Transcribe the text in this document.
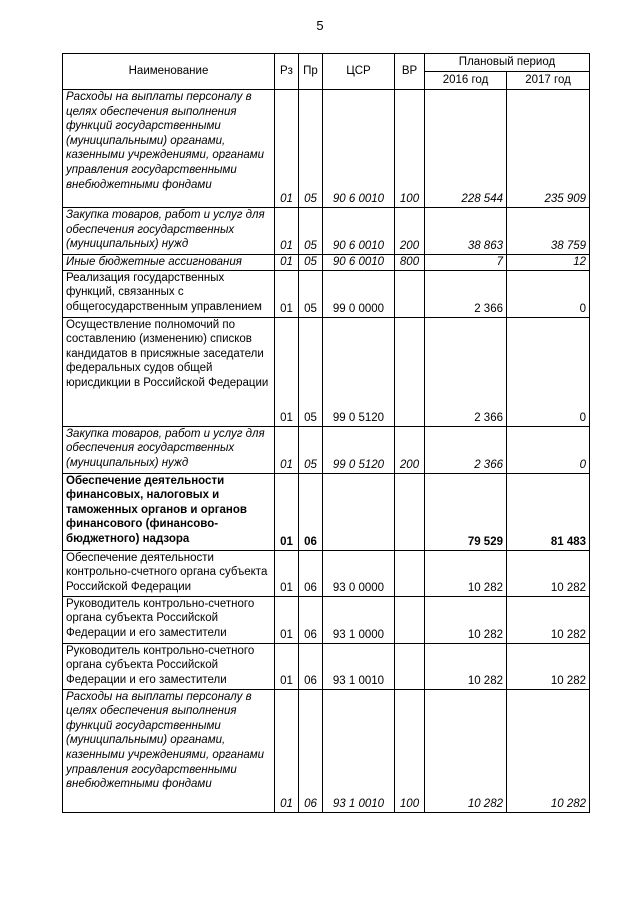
5
Наименование	Рз	Пр	ЦСР	ВР	Плановый период	
					2016 год	2017 год
Расходы на выплаты персоналу в целях обеспечения выполнения функций государственными (муниципальными) органами, казенными учреждениями, органами управления государственными внебюджетными фондами	01	05	90 6 0010	100	228 544	235 909
Закупка товаров, работ и услуг для обеспечения государственных (муниципальных) нужд	01	05	90 6 0010	200	38 863	38 759
Иные бюджетные ассигнования	01	05	90 6 0010	800	7	12
Реализация государственных функций, связанных с общегосударственным управлением	01	05	99 0 0000		2 366	0
Осуществление полномочий по составлению (изменению) списков кандидатов в присяжные заседатели федеральных судов общей юрисдикции в Российской Федерации	01	05	99 0 5120		2 366	0
Закупка товаров, работ и услуг для обеспечения государственных (муниципальных) нужд	01	05	99 0 5120	200	2 366	0
Обеспечение деятельности финансовых, налоговых и таможенных органов и органов финансового (финансово-бюджетного) надзора	01	06			79 529	81 483
Обеспечение деятельности контрольно-счетного органа субъекта Российской Федерации	01	06	93 0 0000		10 282	10 282
Руководитель контрольно-счетного органа субъекта Российской Федерации и его заместители	01	06	93 1 0000		10 282	10 282
Руководитель контрольно-счетного органа субъекта Российской Федерации и его заместители	01	06	93 1 0010		10 282	10 282
Расходы на выплаты персоналу в целях обеспечения выполнения функций государственными (муниципальными) органами, казенными учреждениями, органами управления государственными внебюджетными фондами	01	06	93 1 0010	100	10 282	10 282
